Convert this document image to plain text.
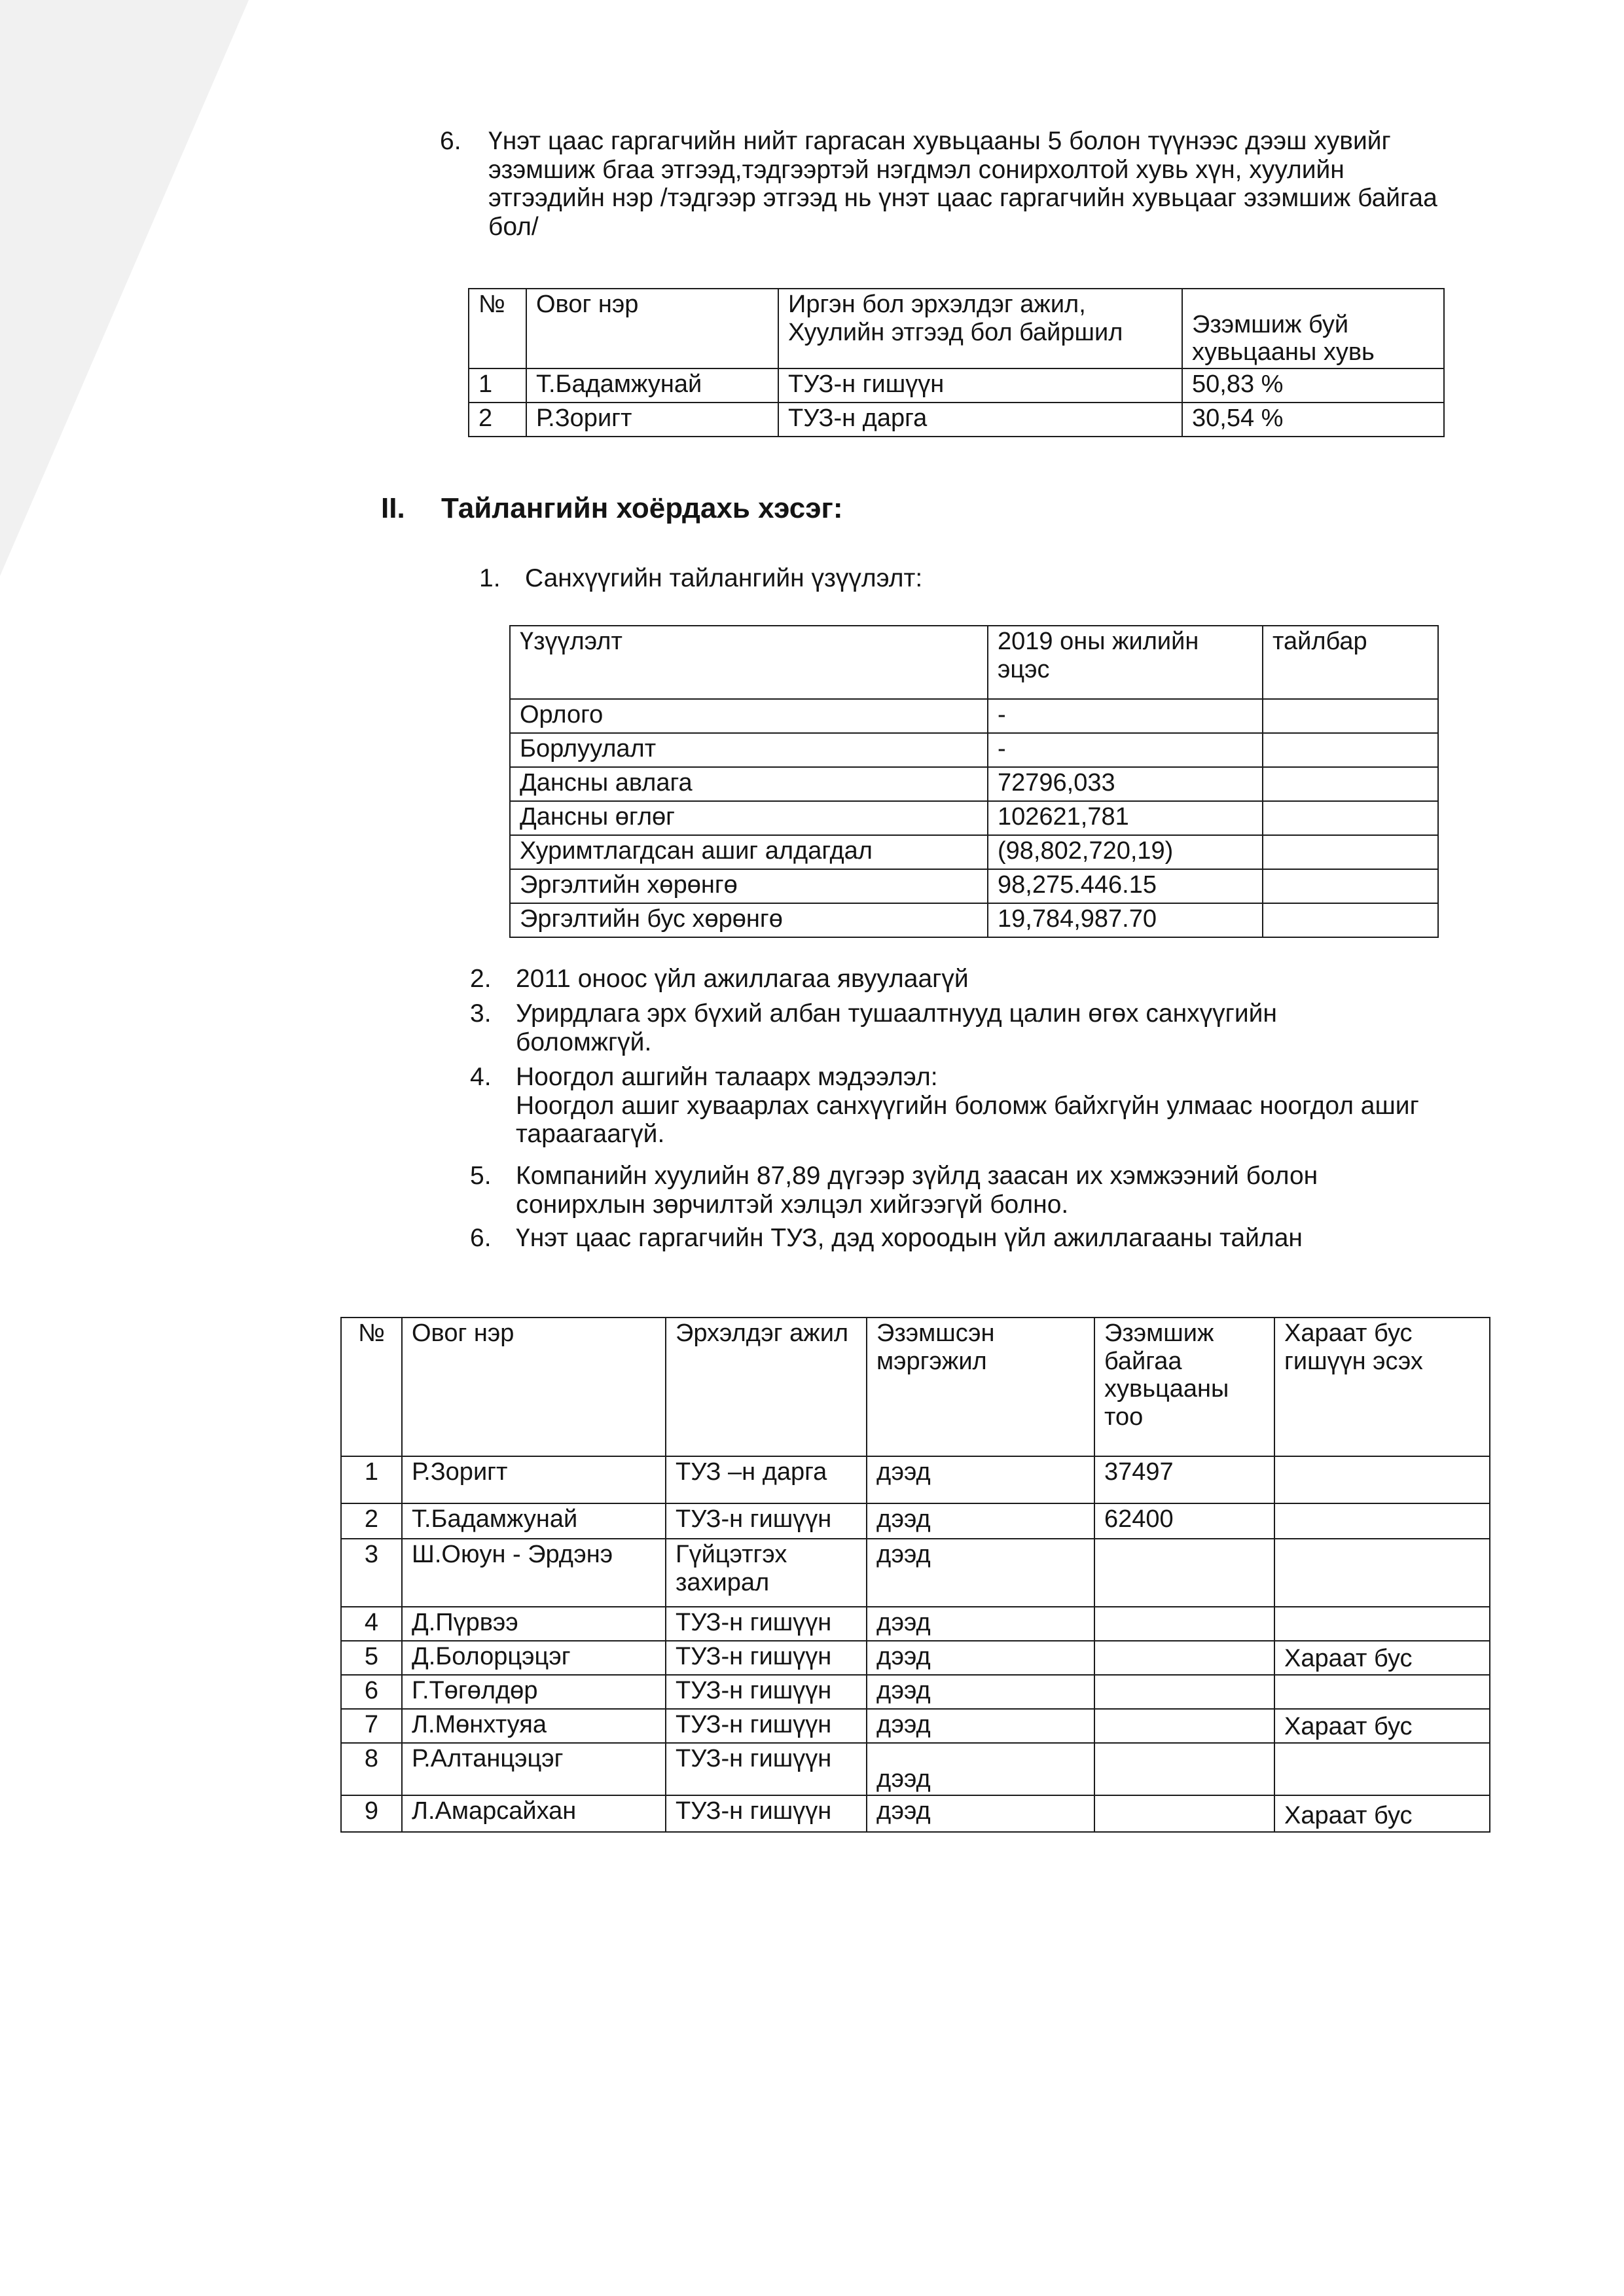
6.	Үнэт цаас гаргагчийн нийт гаргасан хувьцааны 5 болон түүнээс дээш хувийг эзэмшиж бгаа этгээд,тэдгээртэй нэгдмэл сонирхолтой хувь хүн, хуулийн этгээдийн нэр /тэдгээр этгээд нь үнэт цаас гаргагчийн хувьцааг эзэмшиж байгаа бол/
№	Овог нэр	Иргэн бол эрхэлдэг ажил, Хуулийн этгээд бол байршил	Эзэмшиж буй хувьцааны хувь
1	Т.Бадамжунай	ТУЗ-н гишүүн	50,83 %
2	Р.Зоригт	ТУЗ-н дарга	30,54 %
II. Тайлангийн хоёрдахь хэсэг:
1. Санхүүгийн тайлангийн үзүүлэлт:
Үзүүлэлт	2019 оны жилийн эцэс	тайлбар
Орлого	-	
Борлуулалт	-	
Дансны авлага	72796,033	
Дансны өглөг	102621,781	
Хуримтлагдсан ашиг алдагдал	(98,802,720,19)	
Эргэлтийн хөрөнгө	98,275.446.15	
Эргэлтийн бус хөрөнгө	19,784,987.70	
2. 2011 оноос үйл ажиллагаа явуулаагүй
3. Урирдлага эрх бүхий албан тушаалтнууд цалин өгөх санхүүгийн боломжгүй.
4. Ноогдол ашгийн талаарх мэдээлэл:
Ноогдол ашиг хуваарлах санхүүгийн боломж байхгүйн улмаас ноогдол ашиг тараагаагүй.
5. Компанийн хуулийн 87,89 дүгээр зүйлд заасан их хэмжээний болон сонирхлын зөрчилтэй хэлцэл хийгээгүй болно.
6. Үнэт цаас гаргагчийн ТУЗ, дэд хороодын үйл ажиллагааны тайлан
№	Овог нэр	Эрхэлдэг ажил	Эзэмшсэн мэргэжил	Эзэмшиж байгаа хувьцааны тоо	Хараат бус гишүүн эсэх
1	Р.Зоригт	ТУЗ –н дарга	дээд	37497	
2	Т.Бадамжунай	ТУЗ-н гишүүн	дээд	62400	
3	Ш.Оюун - Эрдэнэ	Гүйцэтгэх захирал	дээд		
4	Д.Пүрвээ	ТУЗ-н гишүүн	дээд		
5	Д.Болорцэцэг	ТУЗ-н гишүүн	дээд		Хараат бус
6	Г.Төгөлдөр	ТУЗ-н гишүүн	дээд		
7	Л.Мөнхтуяа	ТУЗ-н гишүүн	дээд		Хараат бус
8	Р.Алтанцэцэг	ТУЗ-н гишүүн	дээд		
9	Л.Амарсайхан	ТУЗ-н гишүүн	дээд		Хараат бус
